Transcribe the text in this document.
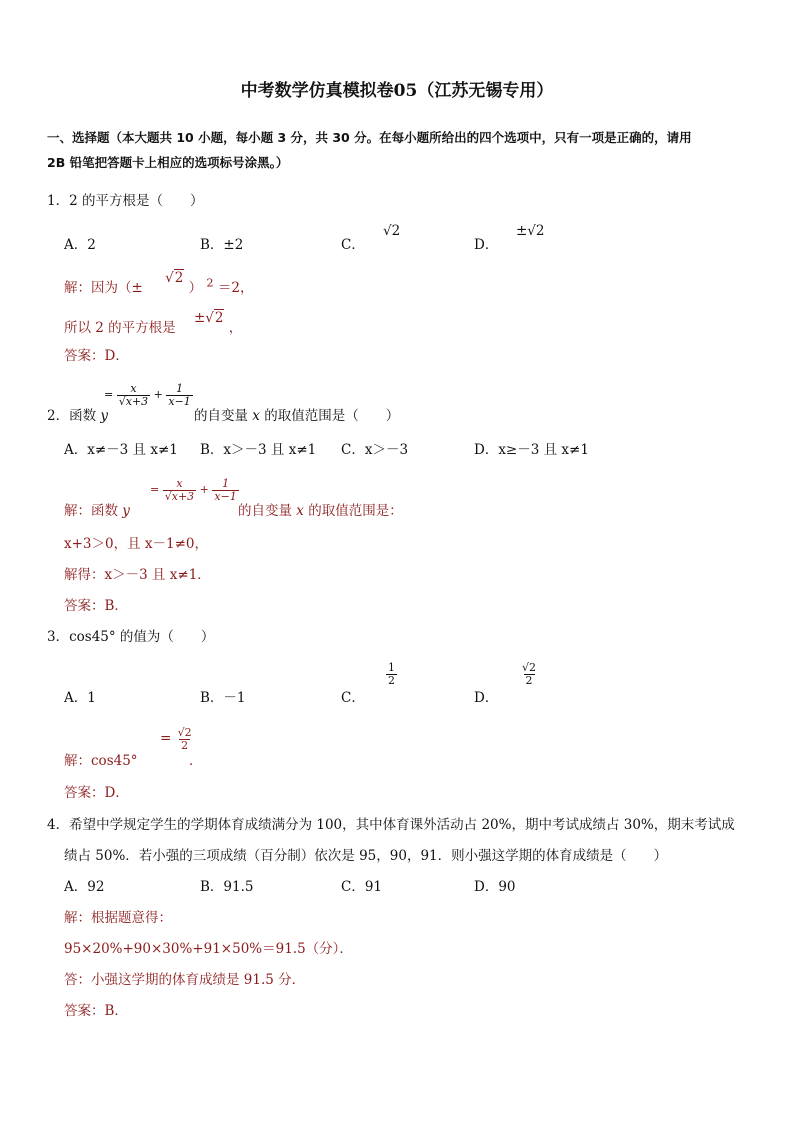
中考数学仿真模拟卷05（江苏无锡专用）
一、选择题（本大题共 10 小题，每小题 3 分，共 30 分。在每小题所给出的四个选项中，只有一项是正确的，请用
2B 铅笔把答题卡上相应的选项标号涂黑。）
1．2 的平方根是（　　）
A．2	B．±2	C．
√2
D．
±√2
解：因为（± √2 ） $^2$ ＝2，
所以 2 的平方根是 ±√2 ，
答案：D．
2．函数 y
= $\frac{x}{√x+3} + \frac{1}{x-1}$
的自变量 x 的取值范围是（　　）
A．x≠－3 且 x≠1 B．x＞－3 且 x≠1 C．x＞－3	D．x≥－3 且 x≠1
解：函数 y
= $\frac{x}{√x+3} + \frac{1}{x-1}$
的自变量 x 的取值范围是：
x+3＞0，且 x－1≠0，
解得：x＞－3 且 x≠1．
答案：B．
3．cos45° 的值为（　　）
A．1	B．－1	C．
$\frac{1}{2}$
D．
$\frac{√2}{2}$
解：cos45°
= $\frac{√2}{2}$
．
答案：D．
4．希望中学规定学生的学期体育成绩满分为 100，其中体育课外活动占 20%，期中考试成绩占 30%，期末考试成
绩占 50%．若小强的三项成绩（百分制）依次是 95，90，91．则小强这学期的体育成绩是（　　）
A．92	B．91.5	C．91	D．90
解：根据题意得：
95×20%+90×30%+91×50%＝91.5（分）．
答：小强这学期的体育成绩是 91.5 分．
答案：B．
